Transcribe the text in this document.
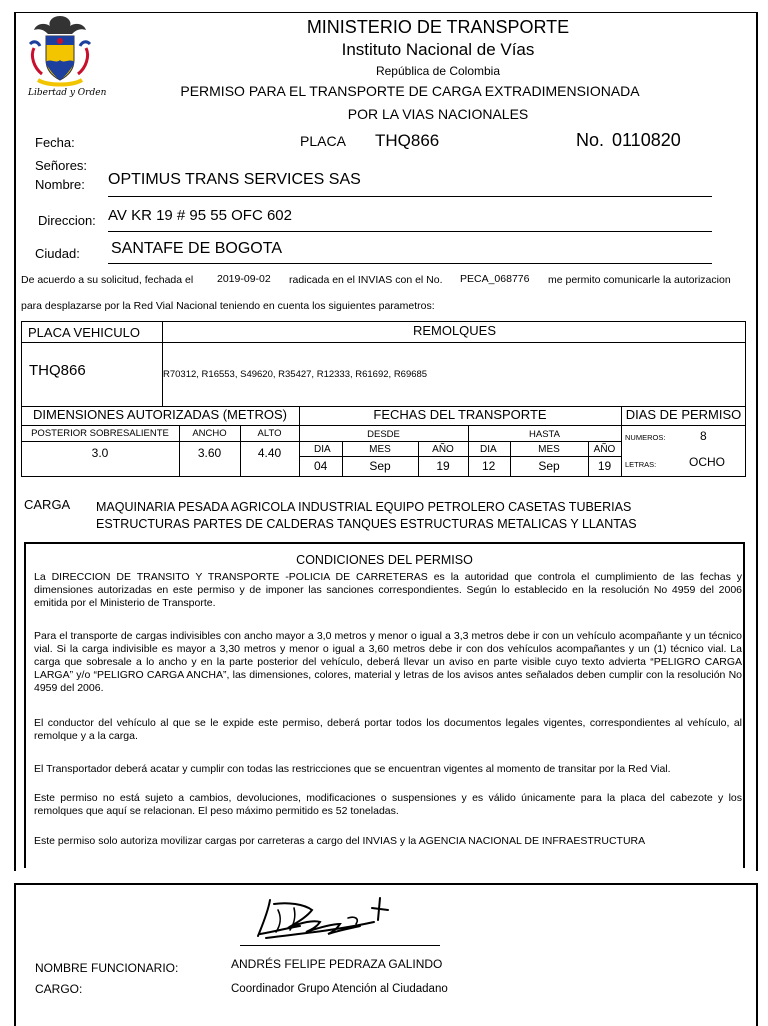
Libertad y Orden
MINISTERIO DE TRANSPORTE
Instituto Nacional de Vías
República de Colombia
PERMISO PARA EL TRANSPORTE DE CARGA EXTRADIMENSIONADA
POR LA VIAS NACIONALES
Fecha:	PLACA THQ866	No. 0110820
Señores:
Nombre: OPTIMUS TRANS SERVICES SAS
Direccion: AV KR 19 # 95 55 OFC 602
Ciudad: SANTAFE DE BOGOTA
De acuerdo a su solicitud, fechada el 2019-09-02 radicada en el INVIAS con el No. PECA_068776 me permito comunicarle la autorizacion
para desplazarse por la Red Vial Nacional teniendo en cuenta los siguientes parametros:
PLACA VEHICULO	REMOLQUES
THQ866	R70312, R16553, S49620, R35427, R12333, R61692, R69685
DIMENSIONES AUTORIZADAS (METROS)	FECHAS DEL TRANSPORTE	DIAS DE PERMISO
POSTERIOR SOBRESALIENTE	ANCHO	ALTO
3.0	3.60	4.40
DESDE	HASTA
DIA	MES	AÑO	DIA	MES	AÑO
04	Sep	19	12	Sep	19
NUMEROS:	8
LETRAS:	OCHO
CARGA MAQUINARIA PESADA AGRICOLA INDUSTRIAL EQUIPO PETROLERO CASETAS TUBERIAS
ESTRUCTURAS PARTES DE CALDERAS TANQUES ESTRUCTURAS METALICAS Y LLANTAS
CONDICIONES DEL PERMISO
La DIRECCION DE TRANSITO Y TRANSPORTE -POLICIA DE CARRETERAS es la autoridad que controla el cumplimiento de las fechas y dimensiones autorizadas en este permiso y de imponer las sanciones correspondientes. Según lo establecido en la resolución No 4959 del 2006 emitida por el Ministerio de Transporte.
Para el transporte de cargas indivisibles con ancho mayor a 3,0 metros y menor o igual a 3,3 metros debe ir con un vehículo acompañante y un técnico vial. Si la carga indivisible es mayor a 3,30 metros y menor o igual a 3,60 metros debe ir con dos vehículos acompañantes y un (1) técnico vial. La carga que sobresale a lo ancho y en la parte posterior del vehículo, deberá llevar un aviso en parte visible cuyo texto advierta “PELIGRO CARGA LARGA” y/o “PELIGRO CARGA ANCHA”, las dimensiones, colores, material y letras de los avisos antes señalados deben cumplir con la resolución No 4959 del 2006.
El conductor del vehículo al que se le expide este permiso, deberá portar todos los documentos legales vigentes, correspondientes al vehículo, al remolque y a la carga.
El Transportador deberá acatar y cumplir con todas las restricciones que se encuentran vigentes al momento de transitar por la Red Vial.
Este permiso no está sujeto a cambios, devoluciones, modificaciones o suspensiones y es válido únicamente para la placa del cabezote y los remolques que aquí se relacionan. El peso máximo permitido es 52 toneladas.
Este permiso solo autoriza movilizar cargas por carreteras a cargo del INVIAS y la AGENCIA NACIONAL DE INFRAESTRUCTURA
NOMBRE FUNCIONARIO:	ANDRÉS FELIPE PEDRAZA GALINDO
CARGO:	Coordinador Grupo Atención al Ciudadano
